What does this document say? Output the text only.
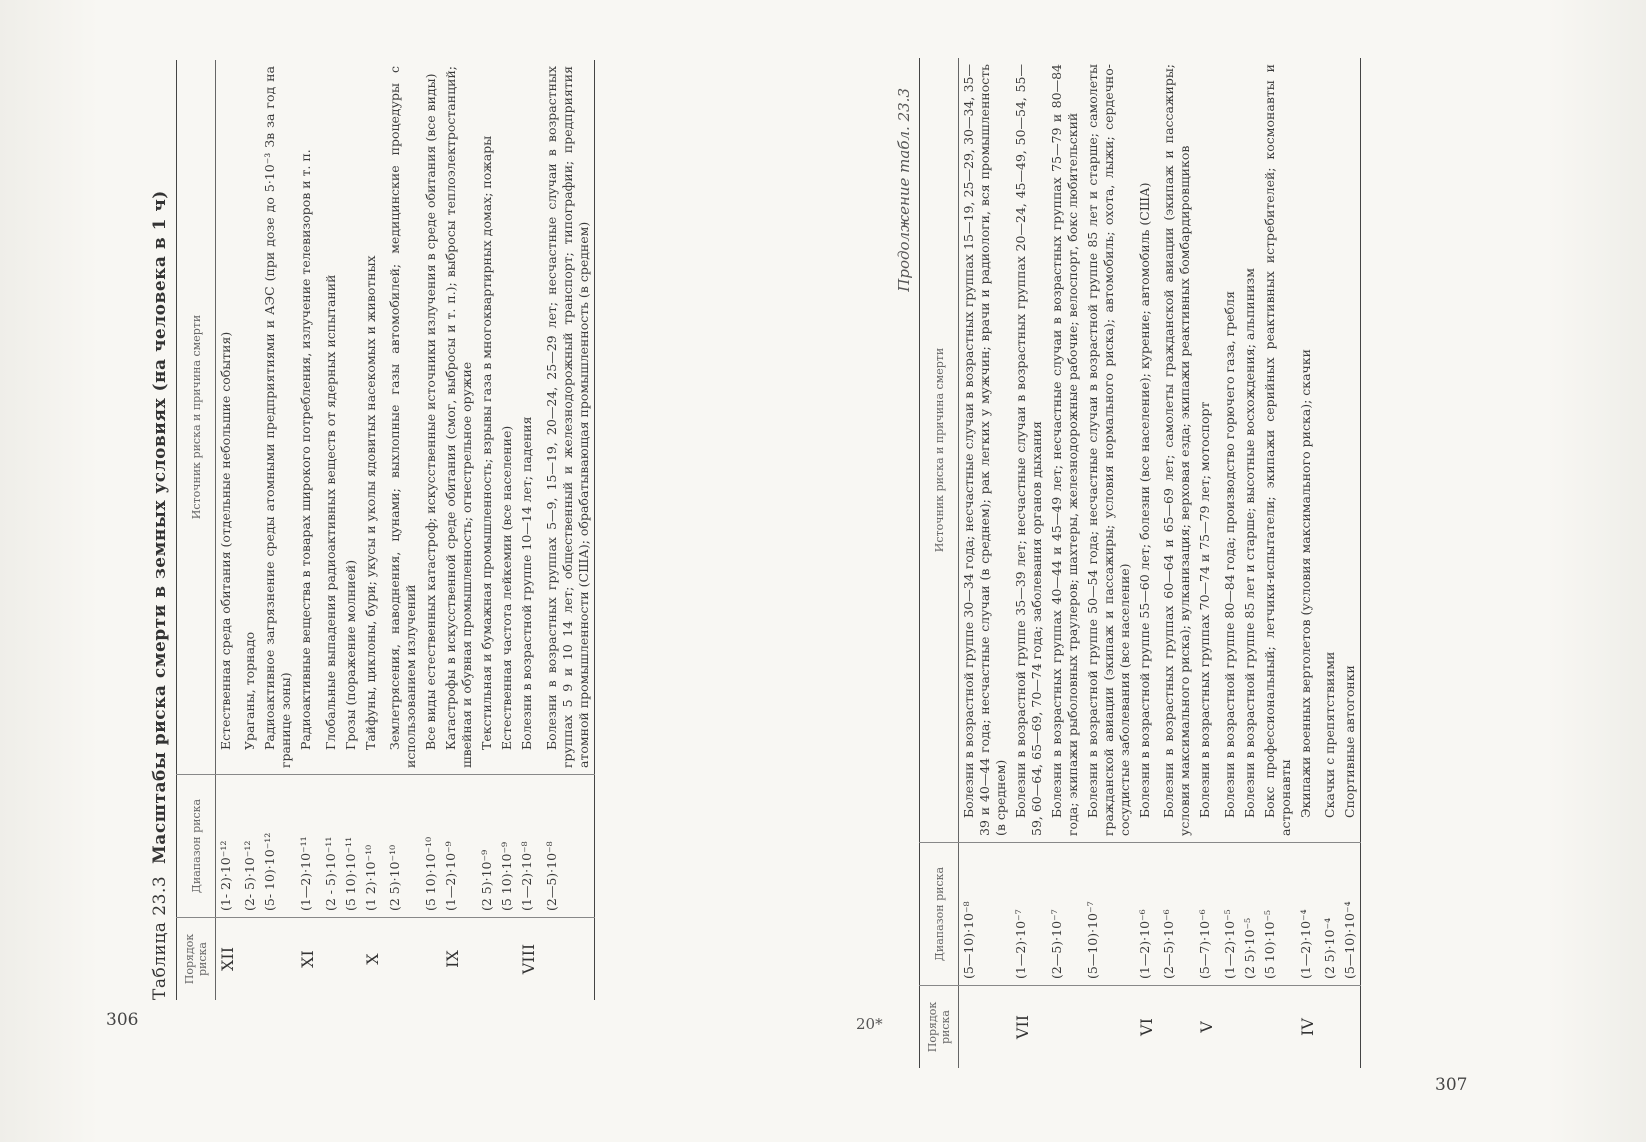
306
307
20*
Таблица 23.3  Масштабы риска смерти в земных условиях (на человека в 1 ч)
Порядок риска	Диапазон риска	Источник риска и причина смерти
XII	(1- 2)·10⁻¹²	Естественная среда обитания (отдельные небольшие события)
	(2- 5)·10⁻¹²	Ураганы, торнадо
	(5- 10)·10⁻¹²	Радиоактивное загрязнение среды атомными предприятиями и АЭС (при дозе до 5·10⁻³ Зв за год на границе зоны)
XI	(1—2)·10⁻¹¹	Радиоактивные вещества в товарах широкого потребления, излучение телевизоров и т. п.
	(2 - 5)·10⁻¹¹	Глобальные выпадения радиоактивных веществ от ядерных испытаний
	(5 10)·10⁻¹¹	Грозы (поражение молнией)
X	(1 2)·10⁻¹⁰	Тайфуны, циклоны, бури; укусы и уколы ядовитых насекомых и животных
	(2 5)·10⁻¹⁰	Землетрясения, наводнения, цунами; выхлопные газы автомобилей; медицинские процедуры с использованием излучений
	(5 10)·10⁻¹⁰	Все виды естественных катастроф; искусственные источники излучения в среде обитания (все виды)
IX	(1—2)·10⁻⁹	Катастрофы в искусственной среде обитания (смог, выбросы и т. п.); выбросы теплоэлектростанций; швейная и обувная промышленность; огнестрельное оружие
	(2 5)·10⁻⁹	Текстильная и бумажная промышленность; взрывы газа в многоквартирных домах; пожары
	(5 10)·10⁻⁹	Естественная частота лейкемии (все население)
VIII	(1—2)·10⁻⁸	Болезни в возрастной группе 10—14 лет; падения
	(2—5)·10⁻⁸	Болезни в возрастных группах 5—9, 15—19, 20—24, 25—29 лет; несчастные случаи в возрастных группах 5 9 и 10 14 лет; общественный и железнодорожный транспорт; типографии; предприятия атомной промышленности (США); обрабатывающая промышленность (в среднем)
Продолжение табл. 23.3
Порядок риска	Диапазон риска	Источник риска и причина смерти
	(5—10)·10⁻⁸	Болезни в возрастной группе 30—34 года; несчастные случаи в возрастных группах 15—19, 25—29, 30—34, 35—39 и 40—44 года; несчастные случаи (в среднем); рак легких у мужчин; врачи и радиологи, вся промышленность (в среднем)
VII	(1—2)·10⁻⁷	Болезни в возрастной группе 35—39 лет; несчастные случаи в возрастных группах 20—24, 45—49, 50—54, 55—59, 60—64, 65—69, 70—74 года; заболевания органов дыхания
	(2—5)·10⁻⁷	Болезни в возрастных группах 40—44 и 45—49 лет; несчастные случаи в возрастных группах 75—79 и 80—84 года; экипажи рыболовных траулеров; шахтеры, железнодорожные рабочие; велоспорт, бокс любительский
	(5—10)·10⁻⁷	Болезни в возрастной группе 50—54 года; несчастные случаи в возрастной группе 85 лет и старше; самолеты гражданской авиации (экипаж и пассажиры; условия нормального риска); автомобиль; охота, лыжи; сердечно-сосудистые заболевания (все население)
VI	(1—2)·10⁻⁶	Болезни в возрастной группе 55—60 лет; болезни (все население); курение; автомобиль (США)
	(2—5)·10⁻⁶	Болезни в возрастных группах 60—64 и 65—69 лет; самолеты гражданской авиации (экипаж и пассажиры; условия максимального риска); вулканизация; верховая езда; экипажи реактивных бомбардировщиков
V	(5—7)·10⁻⁶	Болезни в возрастных группах 70—74 и 75—79 лет; мотоспорт
	(1—2)·10⁻⁵	Болезни в возрастной группе 80—84 года; производство горючего газа, гребля
	(2 5)·10⁻⁵	Болезни в возрастной группе 85 лет и старше; высотные восхождения; альпинизм
	(5 10)·10⁻⁵	Бокс профессиональный; летчики-испытатели; экипажи серийных реактивных истребителей; космонавты и астронавты
IV	(1—2)·10⁻⁴	Экипажи военных вертолетов (условия максимального риска); скачки
	(2 5)·10⁻⁴	Скачки с препятствиями
	(5—10)·10⁻⁴	Спортивные автогонки
